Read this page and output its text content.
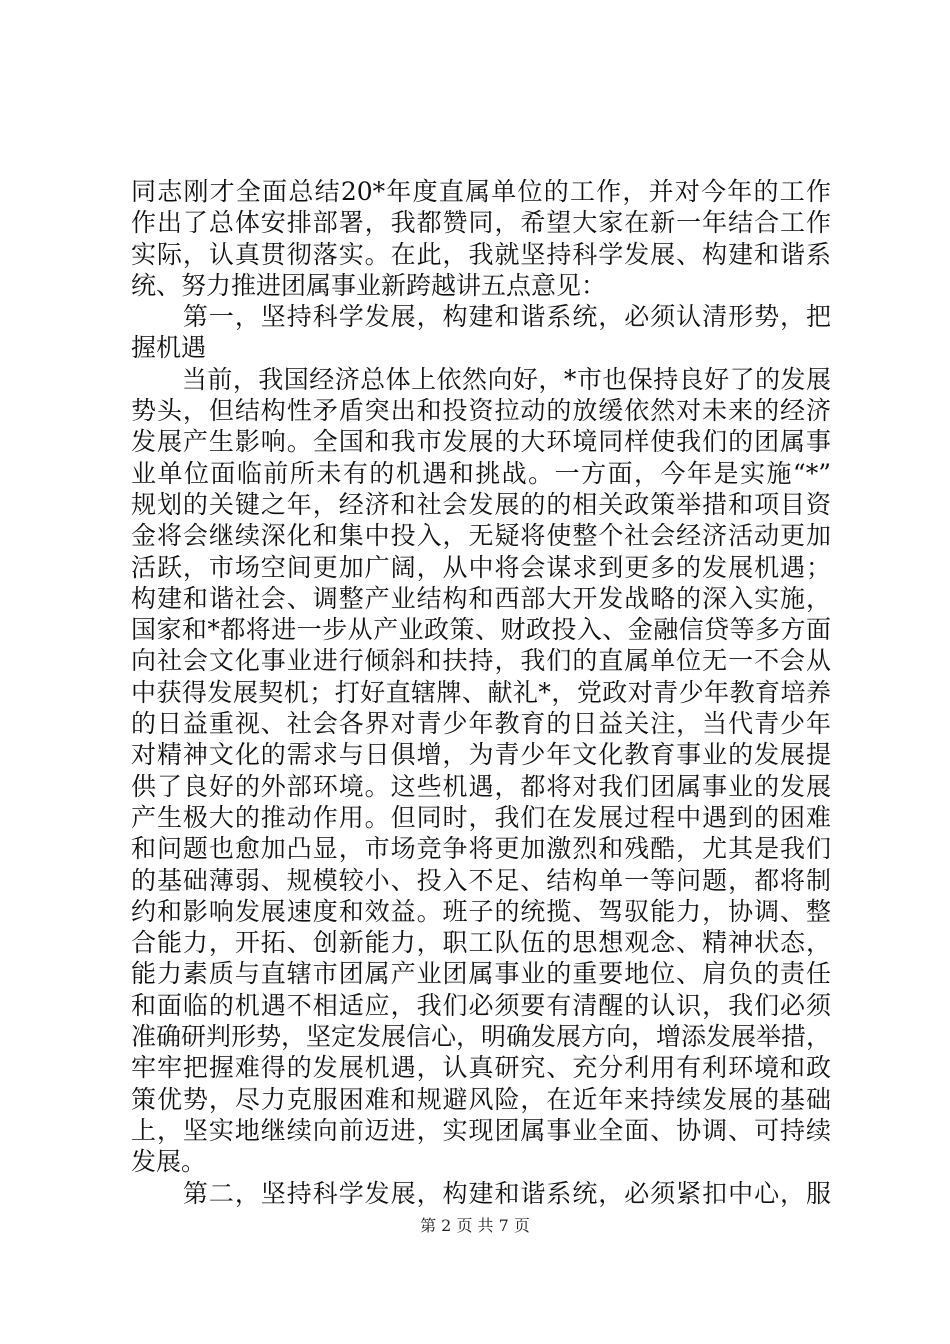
同志刚才全面总结20*年度直属单位的工作，并对今年的工作
作出了总体安排部署，我都赞同，希望大家在新一年结合工作
实际，认真贯彻落实。在此，我就坚持科学发展、构建和谐系
统、努力推进团属事业新跨越讲五点意见：
　　第一，坚持科学发展，构建和谐系统，必须认清形势，把
握机遇
　　当前，我国经济总体上依然向好，*市也保持良好了的发展
势头，但结构性矛盾突出和投资拉动的放缓依然对未来的经济
发展产生影响。全国和我市发展的大环境同样使我们的团属事
业单位面临前所未有的机遇和挑战。一方面，今年是实施“*”
规划的关键之年，经济和社会发展的的相关政策举措和项目资
金将会继续深化和集中投入，无疑将使整个社会经济活动更加
活跃，市场空间更加广阔，从中将会谋求到更多的发展机遇；
构建和谐社会、调整产业结构和西部大开发战略的深入实施，
国家和*都将进一步从产业政策、财政投入、金融信贷等多方面
向社会文化事业进行倾斜和扶持，我们的直属单位无一不会从
中获得发展契机；打好直辖牌、献礼*，党政对青少年教育培养
的日益重视、社会各界对青少年教育的日益关注，当代青少年
对精神文化的需求与日俱增，为青少年文化教育事业的发展提
供了良好的外部环境。这些机遇，都将对我们团属事业的发展
产生极大的推动作用。但同时，我们在发展过程中遇到的困难
和问题也愈加凸显，市场竞争将更加激烈和残酷，尤其是我们
的基础薄弱、规模较小、投入不足、结构单一等问题，都将制
约和影响发展速度和效益。班子的统揽、驾驭能力，协调、整
合能力，开拓、创新能力，职工队伍的思想观念、精神状态，
能力素质与直辖市团属产业团属事业的重要地位、肩负的责任
和面临的机遇不相适应，我们必须要有清醒的认识，我们必须
准确研判形势，坚定发展信心，明确发展方向，增添发展举措，
牢牢把握难得的发展机遇，认真研究、充分利用有利环境和政
策优势，尽力克服困难和规避风险，在近年来持续发展的基础
上，坚实地继续向前迈进，实现团属事业全面、协调、可持续
发展。
　　第二，坚持科学发展，构建和谐系统，必须紧扣中心，服
第 2 页 共 7 页
